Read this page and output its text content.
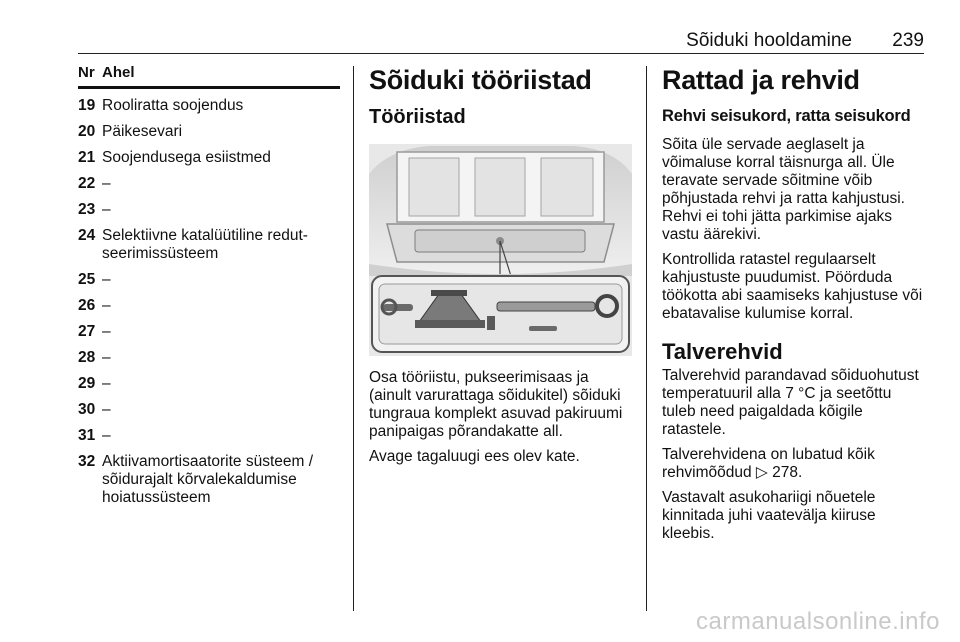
Sõiduki hooldamine 239
Nr Ahel
19 Rooliratta soojendus
20 Päikesevari
21 Soojendusega esiistmed
22 –
23 –
24 Selektiivne katalüütiline redut-seerimissüsteem
25 –
26 –
27 –
28 –
29 –
30 –
31 –
32 Aktiivamortisaatorite süsteem / sõidurajalt kõrvalekaldumise hoiatussüsteem
Sõiduki tööriistad
Tööriistad
Osa tööriistu, pukseerimisaas ja (ainult varurattaga sõidukitel) sõiduki tungraua komplekt asuvad pakiruumi panipaigas põrandakatte all.
Avage tagaluugi ees olev kate.
Rattad ja rehvid
Rehvi seisukord, ratta seisukord
Sõita üle servade aeglaselt ja võimaluse korral täisnurga all. Üle teravate servade sõitmine võib põhjustada rehvi ja ratta kahjustusi. Rehvi ei tohi jätta parkimise ajaks vastu äärekivi.
Kontrollida ratastel regulaarselt kahjustuste puudumist. Pöörduda töökotta abi saamiseks kahjustuse või ebatavalise kulumise korral.
Talverehvid
Talverehvid parandavad sõiduohutust temperatuuril alla 7 °C ja seetõttu tuleb need paigaldada kõigile ratastele.
Talverehvidena on lubatud kõik rehvimõõdud ▷ 278.
Vastavalt asukohariigi nõuetele kinnitada juhi vaatevälja kiiruse kleebis.
carmanualsonline.info
